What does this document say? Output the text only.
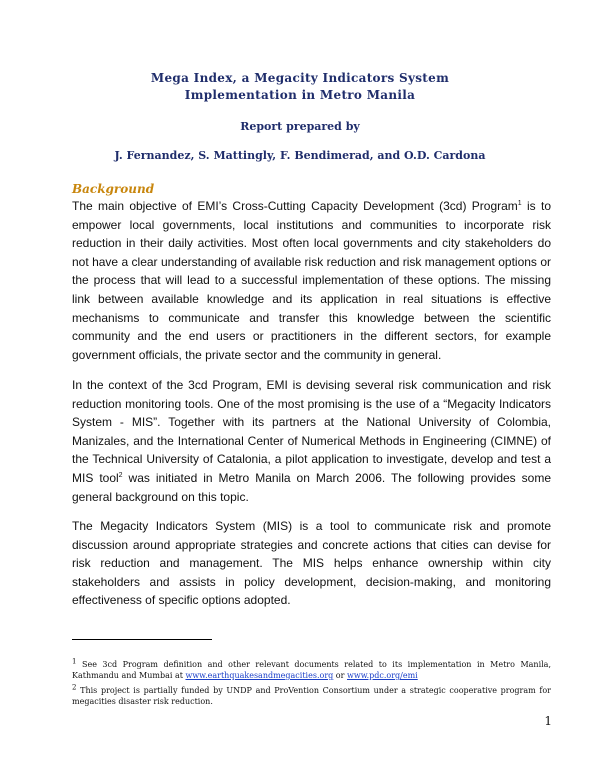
Mega Index, a Megacity Indicators System
Implementation in Metro Manila
Report prepared by
J. Fernandez, S. Mattingly, F. Bendimerad, and O.D. Cardona
Background

The main objective of EMI’s Cross-Cutting Capacity Development (3cd) Program$^1$ is to empower local governments, local institutions and communities to incorporate risk reduction in their daily activities. Most often local governments and city stakeholders do not have a clear understanding of available risk reduction and risk management options or the process that will lead to a successful implementation of these options. The missing link between available knowledge and its application in real situations is effective mechanisms to communicate and transfer this knowledge between the scientific community and the end users or practitioners in the different sectors, for example government officials, the private sector and the community in general.

In the context of the 3cd Program, EMI is devising several risk communication and risk reduction monitoring tools. One of the most promising is the use of a “Megacity Indicators System - MIS”. Together with its partners at the National University of Colombia, Manizales, and the International Center of Numerical Methods in Engineering (CIMNE) of the Technical University of Catalonia, a pilot application to investigate, develop and test a MIS tool$^2$ was initiated in Metro Manila on March 2006. The following provides some general background on this topic.

The Megacity Indicators System (MIS) is a tool to communicate risk and promote discussion around appropriate strategies and concrete actions that cities can devise for risk reduction and management. The MIS helps enhance ownership within city stakeholders and assists in policy development, decision-making, and monitoring effectiveness of specific options adopted.

$^1$ See 3cd Program definition and other relevant documents related to its implementation in Metro Manila, Kathmandu and Mumbai at www.earthquakesandmegacities.org or www.pdc.org/emi

$^2$ This project is partially funded by UNDP and ProVention Consortium under a strategic cooperative program for megacities disaster risk reduction.

1
